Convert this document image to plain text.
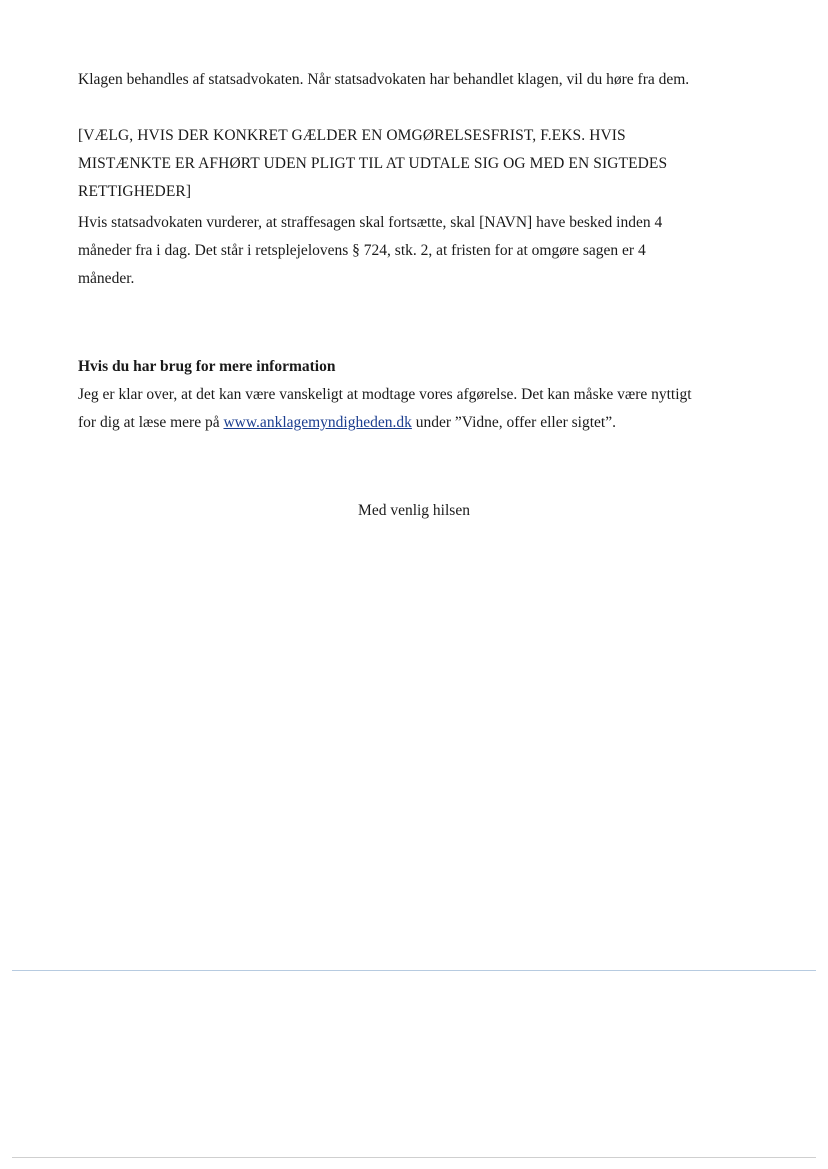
Klagen behandles af statsadvokaten. Når statsadvokaten har behandlet klagen, vil du høre fra dem.
[VÆLG, HVIS DER KONKRET GÆLDER EN OMGØRELSESFRIST, F.EKS. HVIS
MISTÆNKTE ER AFHØRT UDEN PLIGT TIL AT UDTALE SIG OG MED EN SIGTEDES
RETTIGHEDER]
Hvis statsadvokaten vurderer, at straffesagen skal fortsætte, skal [NAVN] have besked inden 4
måneder fra i dag. Det står i retsplejelovens § 724, stk. 2, at fristen for at omgøre sagen er 4
måneder.
Hvis du har brug for mere information
Jeg er klar over, at det kan være vanskeligt at modtage vores afgørelse. Det kan måske være nyttigt
for dig at læse mere på www.anklagemyndigheden.dk under ”Vidne, offer eller sigtet”.
Med venlig hilsen
